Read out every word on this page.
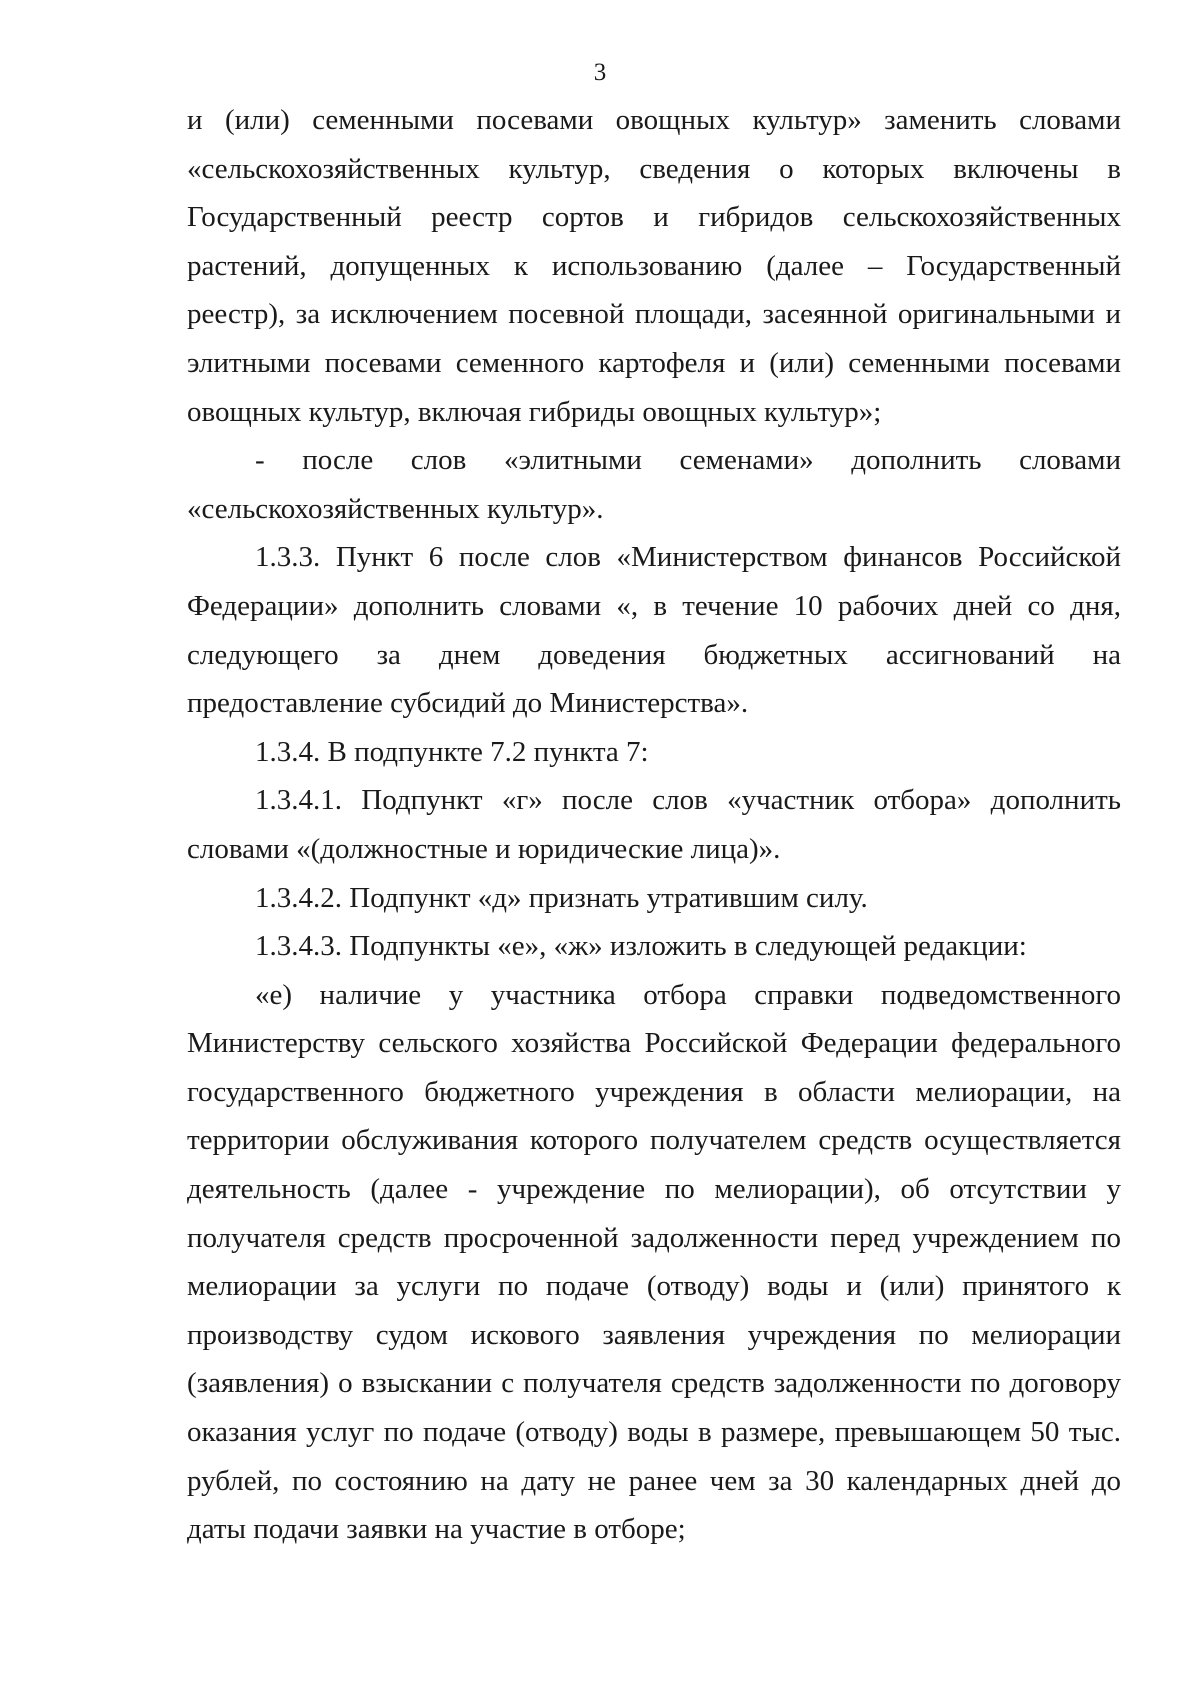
3

и (или) семенными посевами овощных культур» заменить словами «сельскохозяйственных культур, сведения о которых включены в Государственный реестр сортов и гибридов сельскохозяйственных растений, допущенных к использованию (далее – Государственный реестр), за исключением посевной площади, засеянной оригинальными и элитными посевами семенного картофеля и (или) семенными посевами овощных культур, включая гибриды овощных культур»;

- после слов «элитными семенами» дополнить словами «сельскохозяйственных культур».

1.3.3. Пункт 6 после слов «Министерством финансов Российской Федерации» дополнить словами «, в течение 10 рабочих дней со дня, следующего за днем доведения бюджетных ассигнований на предоставление субсидий до Министерства».

1.3.4. В подпункте 7.2 пункта 7:

1.3.4.1. Подпункт «г» после слов «участник отбора» дополнить словами «(должностные и юридические лица)».

1.3.4.2. Подпункт «д» признать утратившим силу.

1.3.4.3. Подпункты «е», «ж» изложить в следующей редакции:

«е) наличие у участника отбора справки подведомственного Министерству сельского хозяйства Российской Федерации федерального государственного бюджетного учреждения в области мелиорации, на территории обслуживания которого получателем средств осуществляется деятельность (далее - учреждение по мелиорации), об отсутствии у получателя средств просроченной задолженности перед учреждением по мелиорации за услуги по подаче (отводу) воды и (или) принятого к производству судом искового заявления учреждения по мелиорации (заявления) о взыскании с получателя средств задолженности по договору оказания услуг по подаче (отводу) воды в размере, превышающем 50 тыс. рублей, по состоянию на дату не ранее чем за 30 календарных дней до даты подачи заявки на участие в отборе;
